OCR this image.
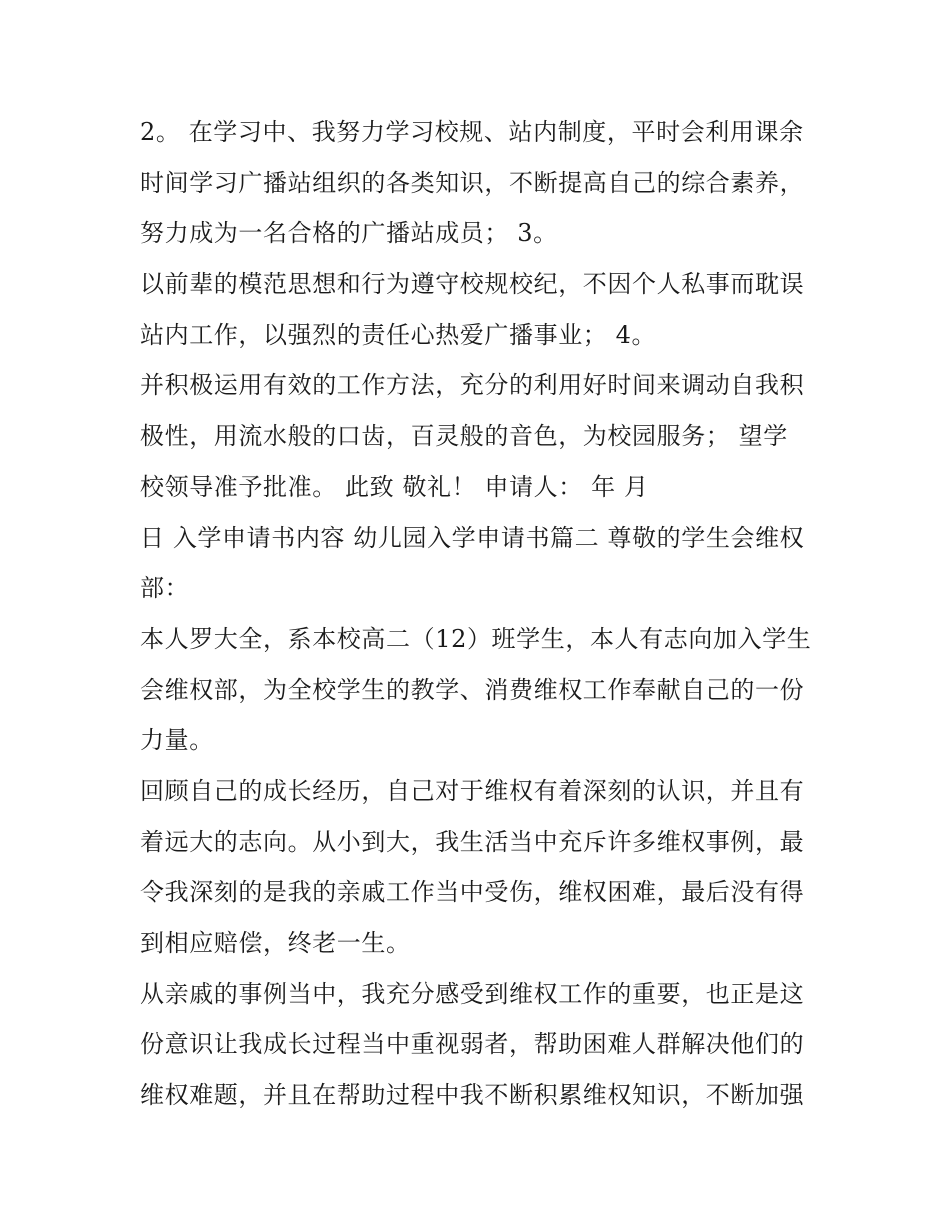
2。 在学习中、我努力学习校规、站内制度，平时会利用课余
时间学习广播站组织的各类知识，不断提高自己的综合素养，
努力成为一名合格的广播站成员； 3。
以前辈的模范思想和行为遵守校规校纪，不因个人私事而耽误
站内工作，以强烈的责任心热爱广播事业； 4。
并积极运用有效的工作方法，充分的利用好时间来调动自我积
极性，用流水般的口齿，百灵般的音色，为校园服务； 望学
校领导准予批准。 此致 敬礼！ 申请人： 年 月
日 入学申请书内容 幼儿园入学申请书篇二 尊敬的学生会维权
部：
本人罗大全，系本校高二（12）班学生，本人有志向加入学生
会维权部，为全校学生的教学、消费维权工作奉献自己的一份
力量。
回顾自己的成长经历，自己对于维权有着深刻的认识，并且有
着远大的志向。从小到大，我生活当中充斥许多维权事例，最
令我深刻的是我的亲戚工作当中受伤，维权困难，最后没有得
到相应赔偿，终老一生。
从亲戚的事例当中，我充分感受到维权工作的重要，也正是这
份意识让我成长过程当中重视弱者，帮助困难人群解决他们的
维权难题，并且在帮助过程中我不断积累维权知识，不断加强
